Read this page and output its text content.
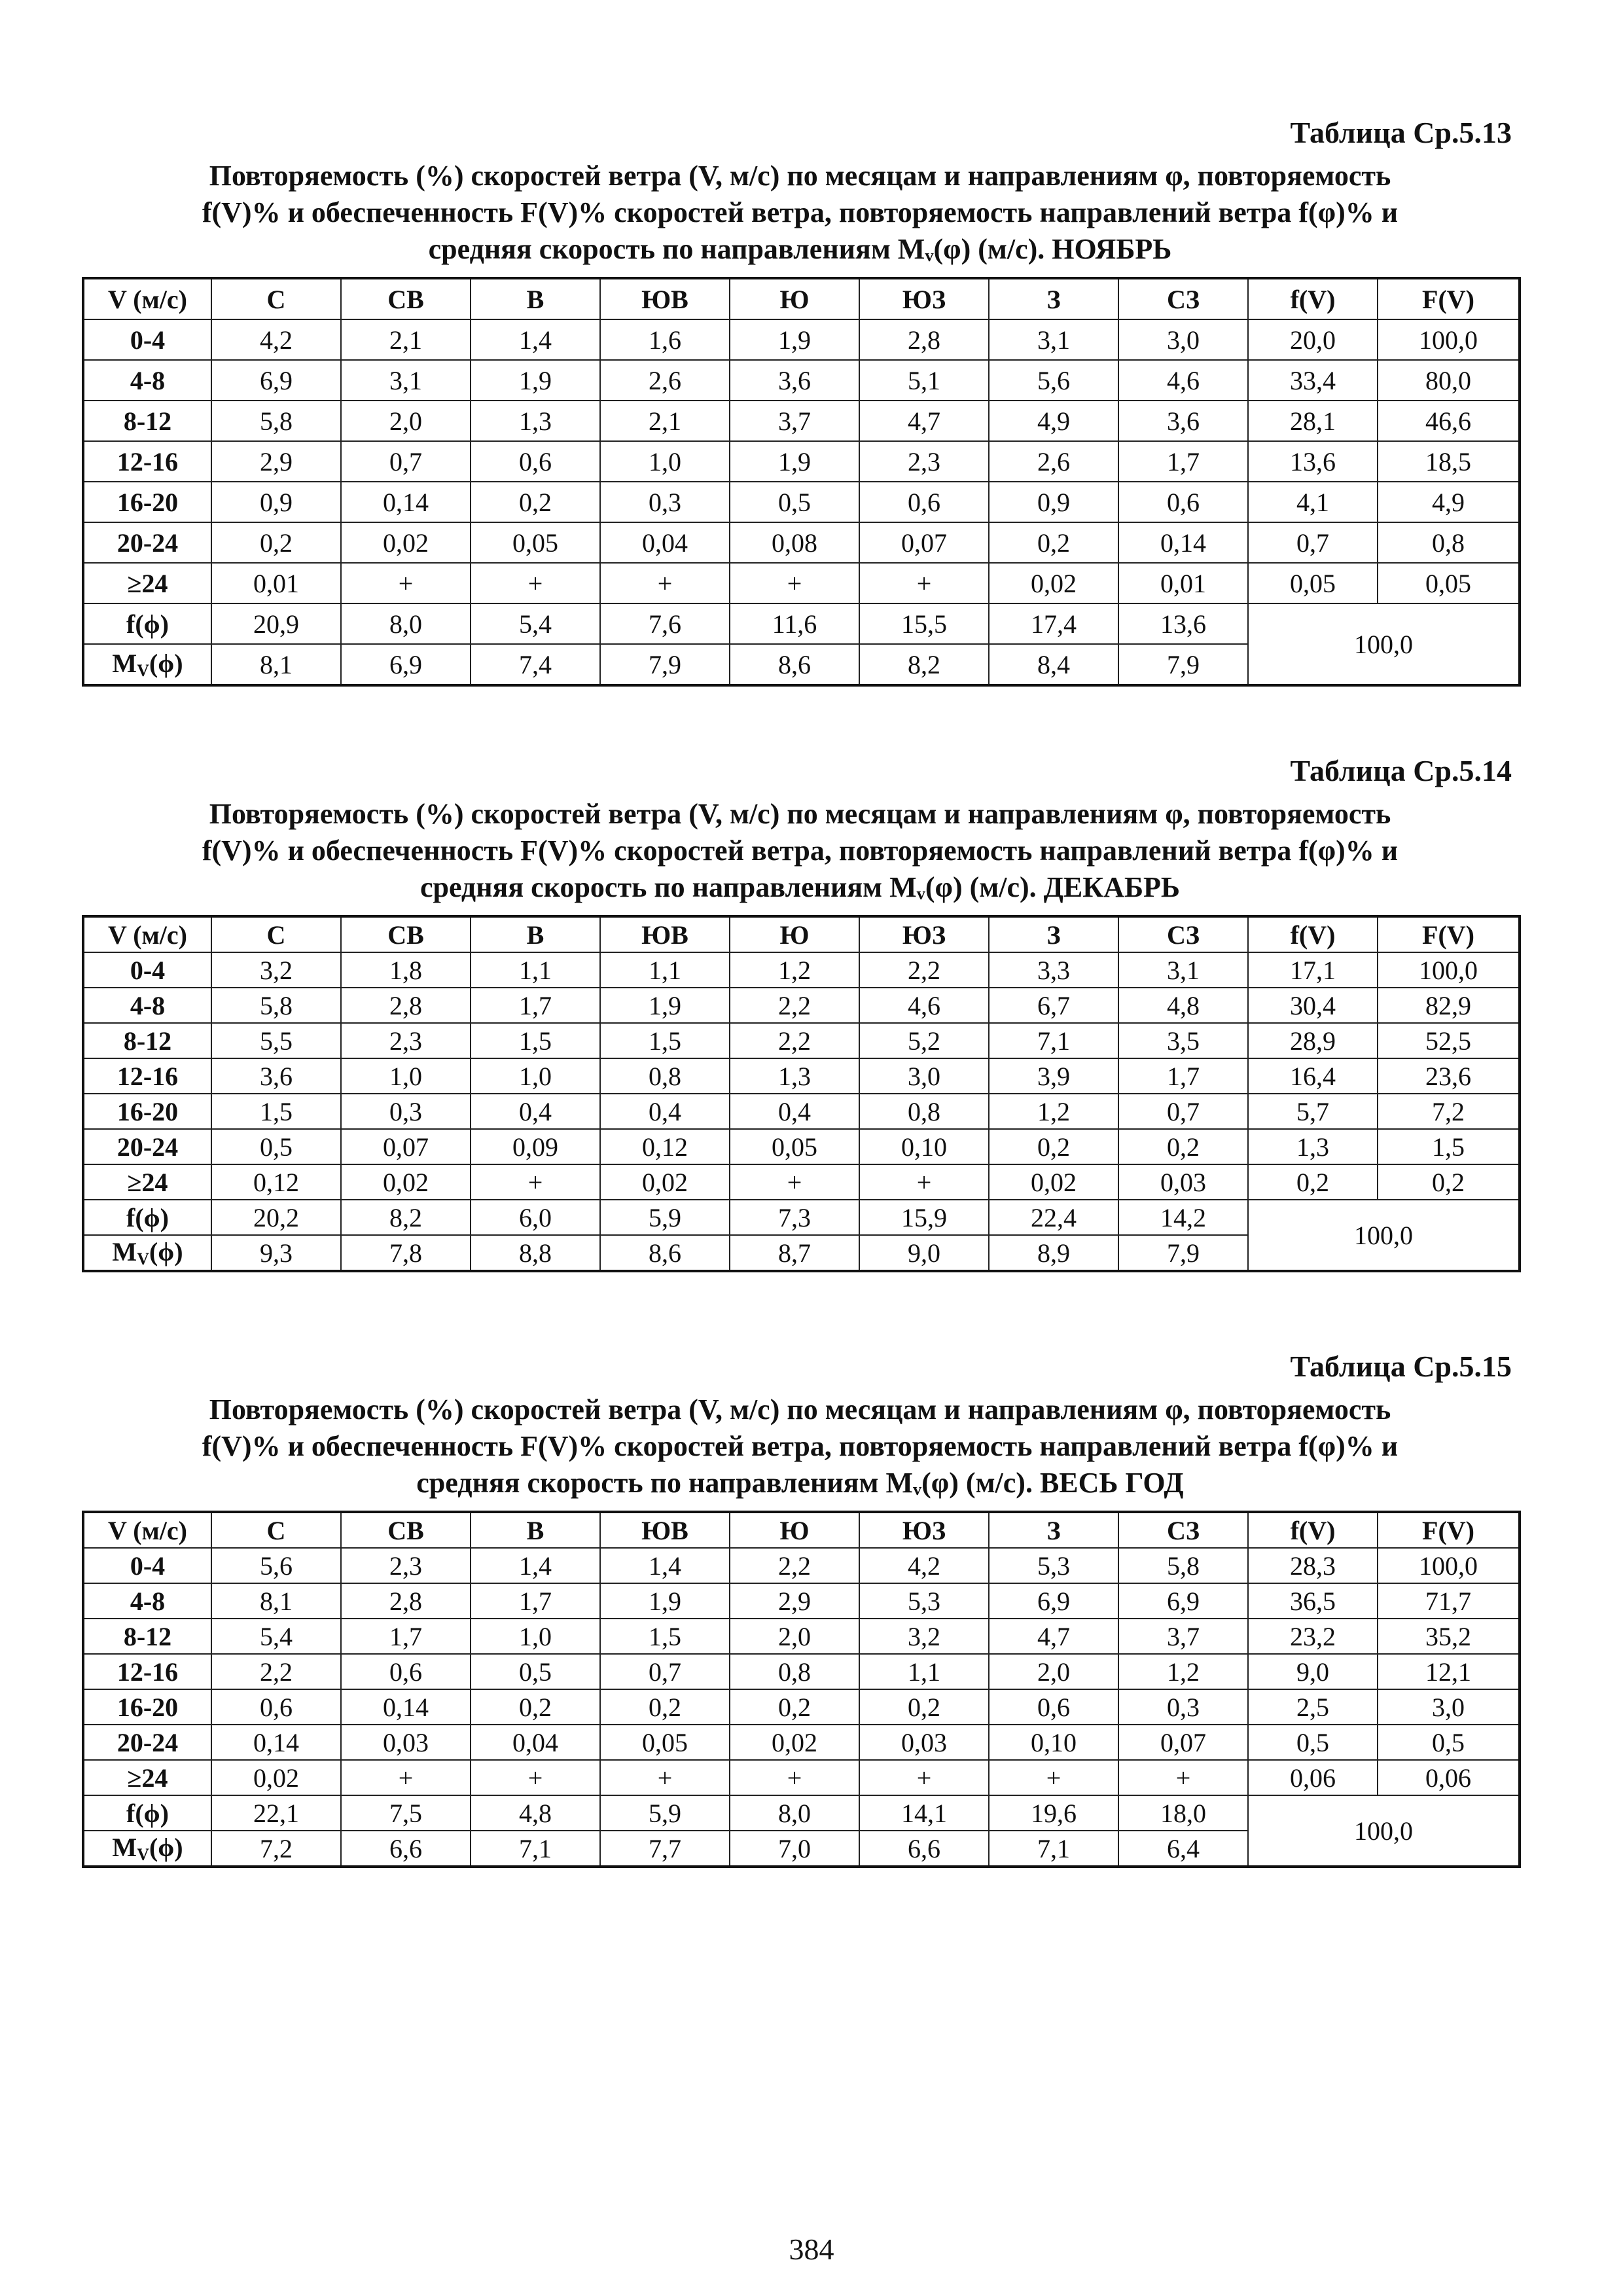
Таблица Ср.5.13
Повторяемость (%) скоростей ветра (V, м/с) по месяцам и направлениям φ, повторяемость
f(V)% и обеспеченность F(V)% скоростей ветра, повторяемость направлений ветра f(φ)% и
средняя скорость по направлениям Mᵥ(φ) (м/с). НОЯБРЬ
V (м/с)	С	СВ	В	ЮВ	Ю	ЮЗ	З	СЗ	f(V)	F(V)
0-4	4,2	2,1	1,4	1,6	1,9	2,8	3,1	3,0	20,0	100,0
4-8	6,9	3,1	1,9	2,6	3,6	5,1	5,6	4,6	33,4	80,0
8-12	5,8	2,0	1,3	2,1	3,7	4,7	4,9	3,6	28,1	46,6
12-16	2,9	0,7	0,6	1,0	1,9	2,3	2,6	1,7	13,6	18,5
16-20	0,9	0,14	0,2	0,3	0,5	0,6	0,9	0,6	4,1	4,9
20-24	0,2	0,02	0,05	0,04	0,08	0,07	0,2	0,14	0,7	0,8
≥24	0,01	+	+	+	+	+	0,02	0,01	0,05	0,05
f(ϕ)	20,9	8,0	5,4	7,6	11,6	15,5	17,4	13,6	100,0	
$M_V(\phi)$	8,1	6,9	7,4	7,9	8,6	8,2	8,4	7,9		
Таблица Ср.5.14
Повторяемость (%) скоростей ветра (V, м/с) по месяцам и направлениям φ, повторяемость
f(V)% и обеспеченность F(V)% скоростей ветра, повторяемость направлений ветра f(φ)% и
средняя скорость по направлениям Mᵥ(φ) (м/с). ДЕКАБРЬ
V (м/с)	С	СВ	В	ЮВ	Ю	ЮЗ	З	СЗ	f(V)	F(V)
0-4	3,2	1,8	1,1	1,1	1,2	2,2	3,3	3,1	17,1	100,0
4-8	5,8	2,8	1,7	1,9	2,2	4,6	6,7	4,8	30,4	82,9
8-12	5,5	2,3	1,5	1,5	2,2	5,2	7,1	3,5	28,9	52,5
12-16	3,6	1,0	1,0	0,8	1,3	3,0	3,9	1,7	16,4	23,6
16-20	1,5	0,3	0,4	0,4	0,4	0,8	1,2	0,7	5,7	7,2
20-24	0,5	0,07	0,09	0,12	0,05	0,10	0,2	0,2	1,3	1,5
≥24	0,12	0,02	+	0,02	+	+	0,02	0,03	0,2	0,2
f(ϕ)	20,2	8,2	6,0	5,9	7,3	15,9	22,4	14,2	100,0	
$M_V(\phi)$	9,3	7,8	8,8	8,6	8,7	9,0	8,9	7,9		
Таблица Ср.5.15
Повторяемость (%) скоростей ветра (V, м/с) по месяцам и направлениям φ, повторяемость
f(V)% и обеспеченность F(V)% скоростей ветра, повторяемость направлений ветра f(φ)% и
средняя скорость по направлениям Mᵥ(φ) (м/с). ВЕСЬ ГОД
V (м/с)	С	СВ	В	ЮВ	Ю	ЮЗ	З	СЗ	f(V)	F(V)
0-4	5,6	2,3	1,4	1,4	2,2	4,2	5,3	5,8	28,3	100,0
4-8	8,1	2,8	1,7	1,9	2,9	5,3	6,9	6,9	36,5	71,7
8-12	5,4	1,7	1,0	1,5	2,0	3,2	4,7	3,7	23,2	35,2
12-16	2,2	0,6	0,5	0,7	0,8	1,1	2,0	1,2	9,0	12,1
16-20	0,6	0,14	0,2	0,2	0,2	0,2	0,6	0,3	2,5	3,0
20-24	0,14	0,03	0,04	0,05	0,02	0,03	0,10	0,07	0,5	0,5
≥24	0,02	+	+	+	+	+	+	+	0,06	0,06
f(ϕ)	22,1	7,5	4,8	5,9	8,0	14,1	19,6	18,0	100,0	
$M_V(\phi)$	7,2	6,6	7,1	7,7	7,0	6,6	7,1	6,4		
384
